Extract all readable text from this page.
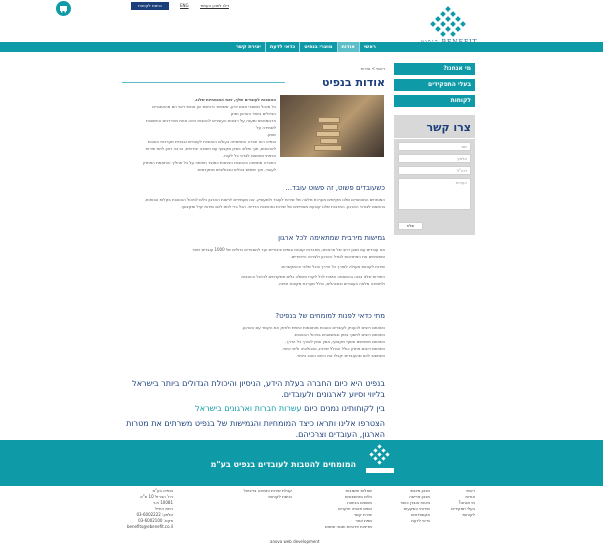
כניסת לקוחות	ENG	דלג לתוכן העמוד
ראשי
אודות
מוצרי בנפיט
כדאי לדעת
יצירת קשר
מי אנחנו?
בעלי התפקידים
לקוחות
צרו קשר
שם
טלפון
דוא"ל
הערות
שלח
ראשי > אודות
אודות בנפיט
ההטבות לעובדים שלך, זאת המומחיות שלנו.
כל מנהל משאבי אנוש יודע, ששימור ורכישת הון אנושי ראוי הם מהאתגרים הגדולים ביותר בארגון ומתן
ארגומנטים ומענה על רצונות העובדים להטבות הינה אחת מהדרכים החשובות לשמירה על
שוויון.
בנפיט היא חברה המתמחה בעולם ההטבות לעובדים ובבניית מערכות הטבות
לארגונים, תוך שילוב ניסיון מקצועי עם חשיבה יצירתית, הרבה רצון לתת שירות
אכפתי ומותאם לצרכי כל לקוח.
החברה מתמחה בהטבות הניתנות כמוצר חתימה על כל תהליך והתאמת הפתרון
לעובד, תוך שימוש בכלים טכנולוגיים מתקדמים.
כשעובדים פשוט, זה פשוט עובד...
המומחים המוכשרים שלנו מקיימים מערכת מלאה של שירות לעובד ולמעסיק. אנו מעמידים לרשות הארגון כלים לניהול ההטבות בקלות ובנוחות,
בהתאם לצורכי הארגון. התרבות שלנו קובעת מאפיינים של שירות ומחויבות הדדית. הכל כדי לתת לכם שירות יעיל ומקצועי.
גמישות מירבית שמתאימה לכל ארגון
אנו עובדים עם מגוון רחב של ארגונים, מחברות קטנות וגופים ציבוריים ועד לתאגידים גדולים של 1000 עובדים ויותר
ומתאימים את הפתרונות לגודל הארגון ולצרכיו הייחודיים.
שירות לקוחות מעולה לאורך כל הדרך ובכל שלבי ההתקשרות.
השירות שלנו נבנה בהתאמה אישית לכל לקוח ומשלב כלים מתקדמים לניהול ההטבות
ולתמיכה מלאה בעובדים ובמנהלים, כולל מערכת מקוונת זמינה.
מתי כדאי לפנות למומחים של בנפיט?
כשאתם רוצים להעניק לעובדים הטבות מותאמות אישית ולחזק את הקשר עם הארגון.
כשאתם רוצים לחסוך בזמן ובמשאבים בניהול ההטבות.
כשאתם מחפשים שותף מקצועי, אמין וזמין לאורך כל הדרך.
כשאתם רוצים פתרון כולל הכולל שירות, טכנולוגיה וליווי אישי.
כשחשוב לכם שהעובדים יקבלו את היחס הטוב ביותר.
בנפיט היא כיום החברה בעלת הידע, הניסיון והיכולת הגדולים ביותר בישראל בליווי וסיוע לארגונים ולעובדים.
בין לקוחותינו נמנים כיום עשרות חברות וארגונים בישראל
הצטרפו אלינו ותראו כיצד המומחיות והגמישות של בנפיט משרתים את מטרות הארגון, העובדים וצרכיהם.
המומחים להטבות לעובדים בנפיט בע"מ
ראשי
אודות
מי אנחנו?
בעלי תפקידים
לקוחות
תכנון פיננסי
תכנון פרישה
ביטוח אובדן כושר
שירותי השקעות
אקספרטים
כדאי לדעת
שאלות ותשובות
כלים ומחשבונים
מושגים בביטוח
טופס פנסיה חוקרים
יצירת קשר
מפת אתר
מדיניות פרטיות ותנאי שימוש
קבלת שירות ותמיכה בדיגיטל
כניסת לקוחות
בנפיט בע"מ
רח' הברזל 10 ת"א
10081 ת.ד
רמת החייל
טלפון: 03-6002222
פקס: 03-6002100
benefits@ebenefit.co.il
anova web development
